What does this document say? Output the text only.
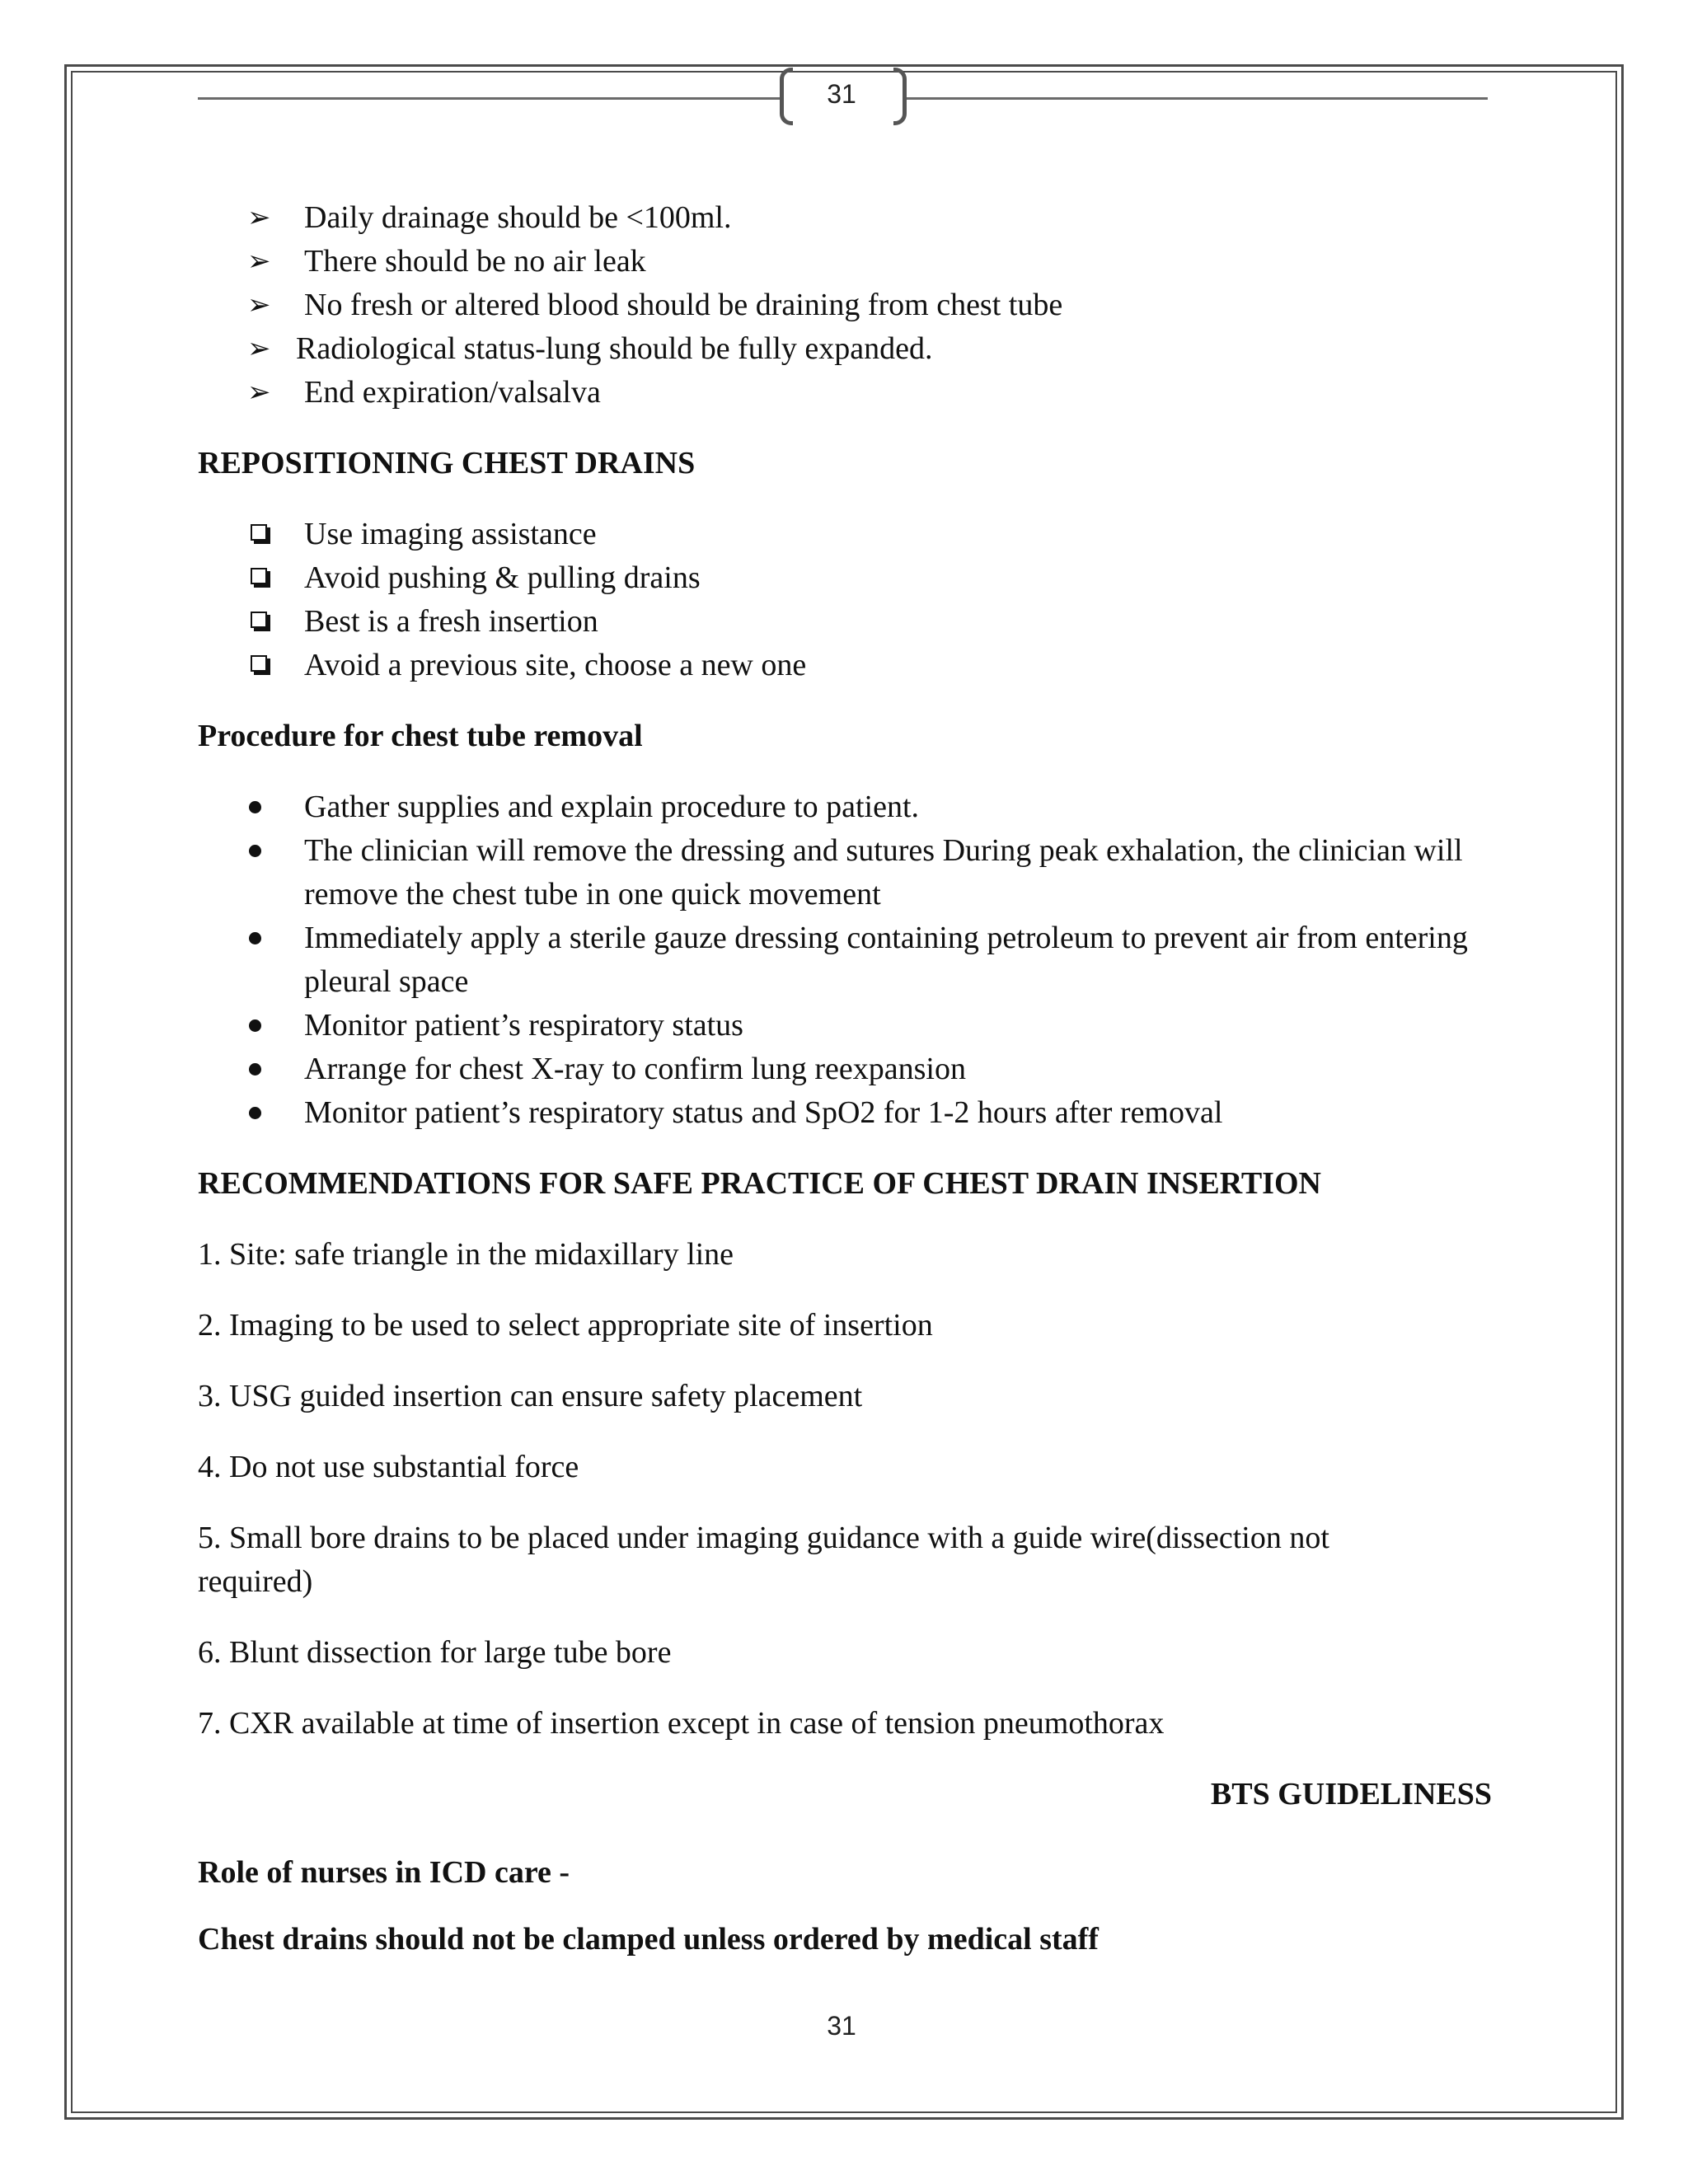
31
➢ Daily drainage should be <100ml.
➢ There should be no air leak
➢ No fresh or altered blood should be draining from chest tube
➢ Radiological status-lung should be fully expanded.
➢ End expiration/valsalva
REPOSITIONING CHEST DRAINS
Use imaging assistance
Avoid pushing & pulling drains
Best is a fresh insertion
Avoid a previous site, choose a new one
Procedure for chest tube removal
Gather supplies and explain procedure to patient.
The clinician will remove the dressing and sutures During peak exhalation, the clinician will remove the chest tube in one quick movement
Immediately apply a sterile gauze dressing containing petroleum to prevent air from entering pleural space
Monitor patient’s respiratory status
Arrange for chest X-ray to confirm lung reexpansion
Monitor patient’s respiratory status and SpO2 for 1-2 hours after removal
RECOMMENDATIONS FOR SAFE PRACTICE OF CHEST DRAIN INSERTION
1. Site: safe triangle in the midaxillary line
2. Imaging to be used to select appropriate site of insertion
3. USG guided insertion can ensure safety placement
4. Do not use substantial force
5. Small bore drains to be placed under imaging guidance with a guide wire(dissection not required)
6. Blunt dissection for large tube bore
7. CXR available at time of insertion except in case of tension pneumothorax
BTS GUIDELINESS
Role of nurses in ICD care -
Chest drains should not be clamped unless ordered by medical staff
31
